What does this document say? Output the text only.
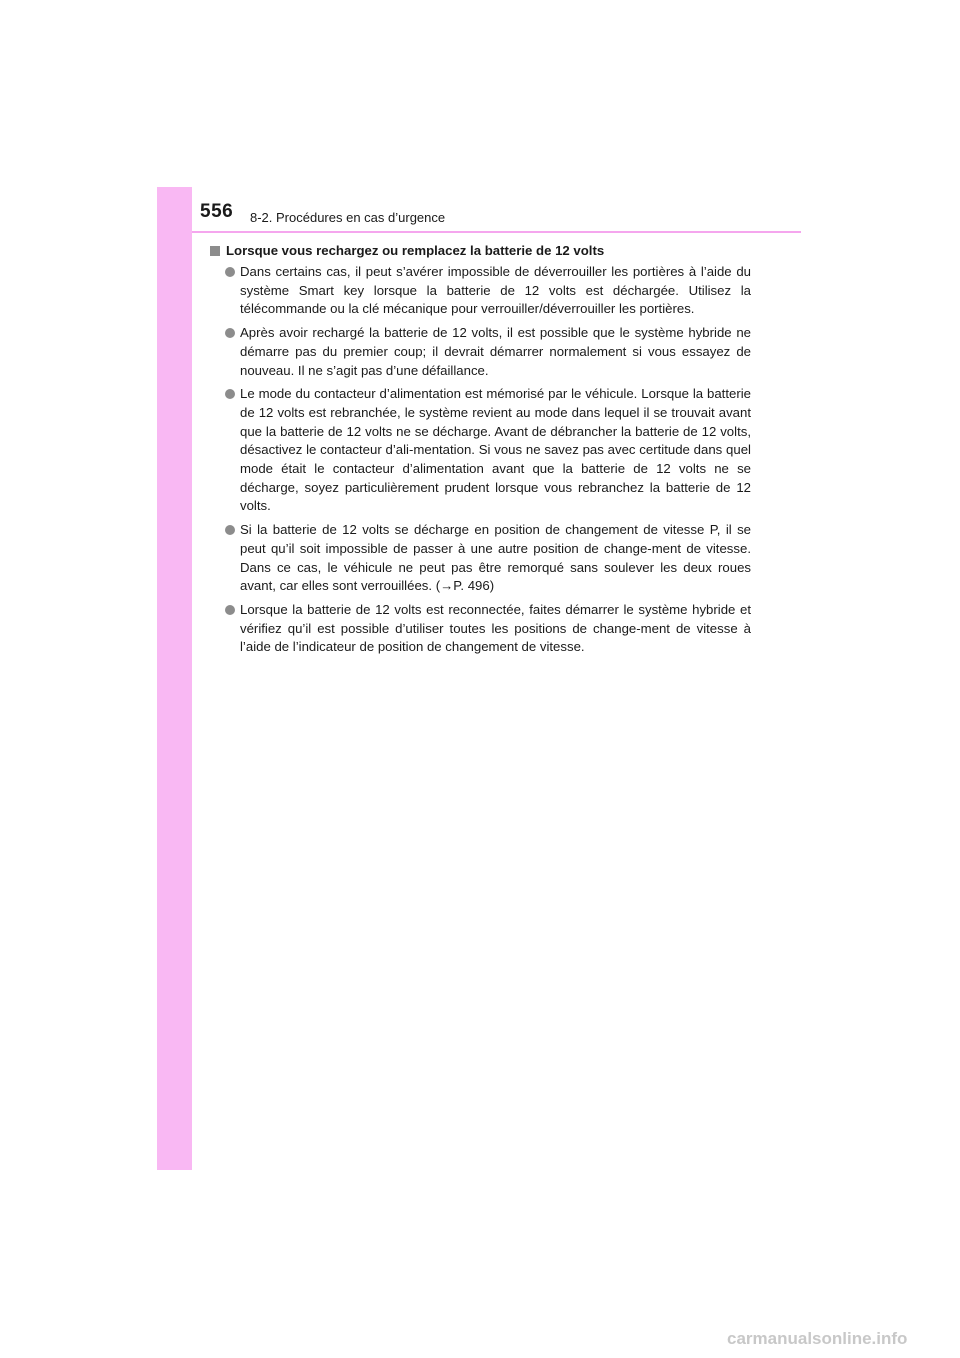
556 8-2. Procédures en cas d’urgence
Lorsque vous rechargez ou remplacez la batterie de 12 volts
Dans certains cas, il peut s’avérer impossible de déverrouiller les portières à l’aide du système Smart key lorsque la batterie de 12 volts est déchargée. Utilisez la télécommande ou la clé mécanique pour verrouiller/déverrouiller les portières.
Après avoir rechargé la batterie de 12 volts, il est possible que le système hybride ne démarre pas du premier coup; il devrait démarrer normalement si vous essayez de nouveau. Il ne s’agit pas d’une défaillance.
Le mode du contacteur d’alimentation est mémorisé par le véhicule. Lorsque la batterie de 12 volts est rebranchée, le système revient au mode dans lequel il se trouvait avant que la batterie de 12 volts ne se décharge. Avant de débrancher la batterie de 12 volts, désactivez le contacteur d’ali-mentation. Si vous ne savez pas avec certitude dans quel mode était le contacteur d’alimentation avant que la batterie de 12 volts ne se décharge, soyez particulièrement prudent lorsque vous rebranchez la batterie de 12 volts.
Si la batterie de 12 volts se décharge en position de changement de vitesse P, il se peut qu’il soit impossible de passer à une autre position de change-ment de vitesse. Dans ce cas, le véhicule ne peut pas être remorqué sans soulever les deux roues avant, car elles sont verrouillées. (→P. 496)
Lorsque la batterie de 12 volts est reconnectée, faites démarrer le système hybride et vérifiez qu’il est possible d’utiliser toutes les positions de change-ment de vitesse à l’aide de l’indicateur de position de changement de vitesse.
carmanualsonline.info
